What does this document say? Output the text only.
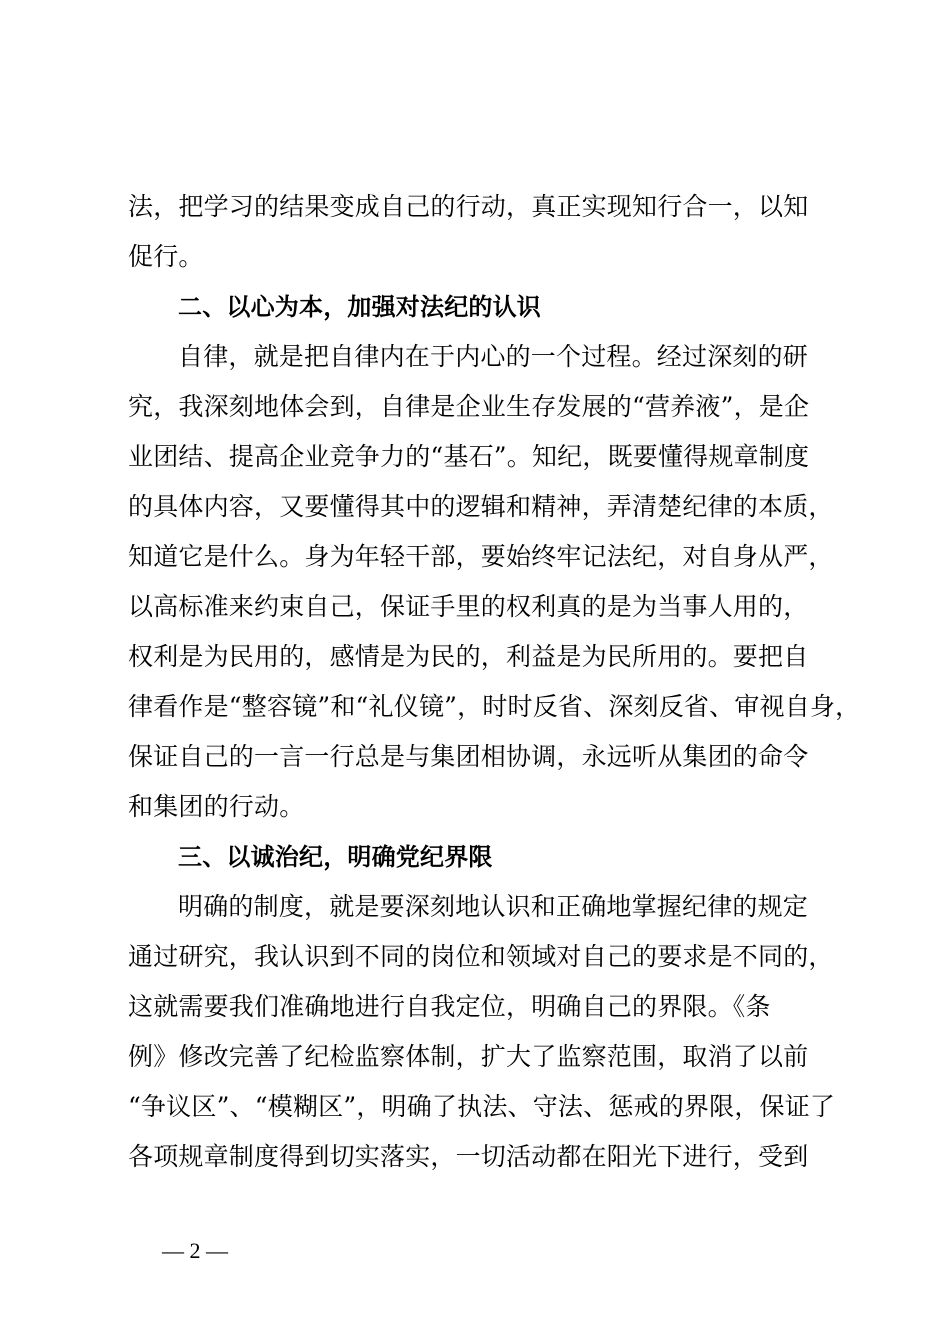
法，把学习的结果变成自己的行动，真正实现知行合一，以知
促行。
二、以心为本，加强对法纪的认识
自律，就是把自律内在于内心的一个过程。经过深刻的研
究，我深刻地体会到，自律是企业生存发展的“营养液”，是企
业团结、提高企业竞争力的“基石”。知纪，既要懂得规章制度
的具体内容，又要懂得其中的逻辑和精神，弄清楚纪律的本质，
知道它是什么。身为年轻干部，要始终牢记法纪，对自身从严，
以高标准来约束自己，保证手里的权利真的是为当事人用的，
权利是为民用的，感情是为民的，利益是为民所用的。要把自
律看作是“整容镜”和“礼仪镜”，时时反省、深刻反省、审视自身，
保证自己的一言一行总是与集团相协调，永远听从集团的命令
和集团的行动。
三、以诚治纪，明确党纪界限
明确的制度，就是要深刻地认识和正确地掌握纪律的规定
通过研究，我认识到不同的岗位和领域对自己的要求是不同的，
这就需要我们准确地进行自我定位，明确自己的界限。《条
例》修改完善了纪检监察体制，扩大了监察范围，取消了以前
“争议区”、“模糊区”，明确了执法、守法、惩戒的界限，保证了
各项规章制度得到切实落实，一切活动都在阳光下进行，受到
— 2 —
